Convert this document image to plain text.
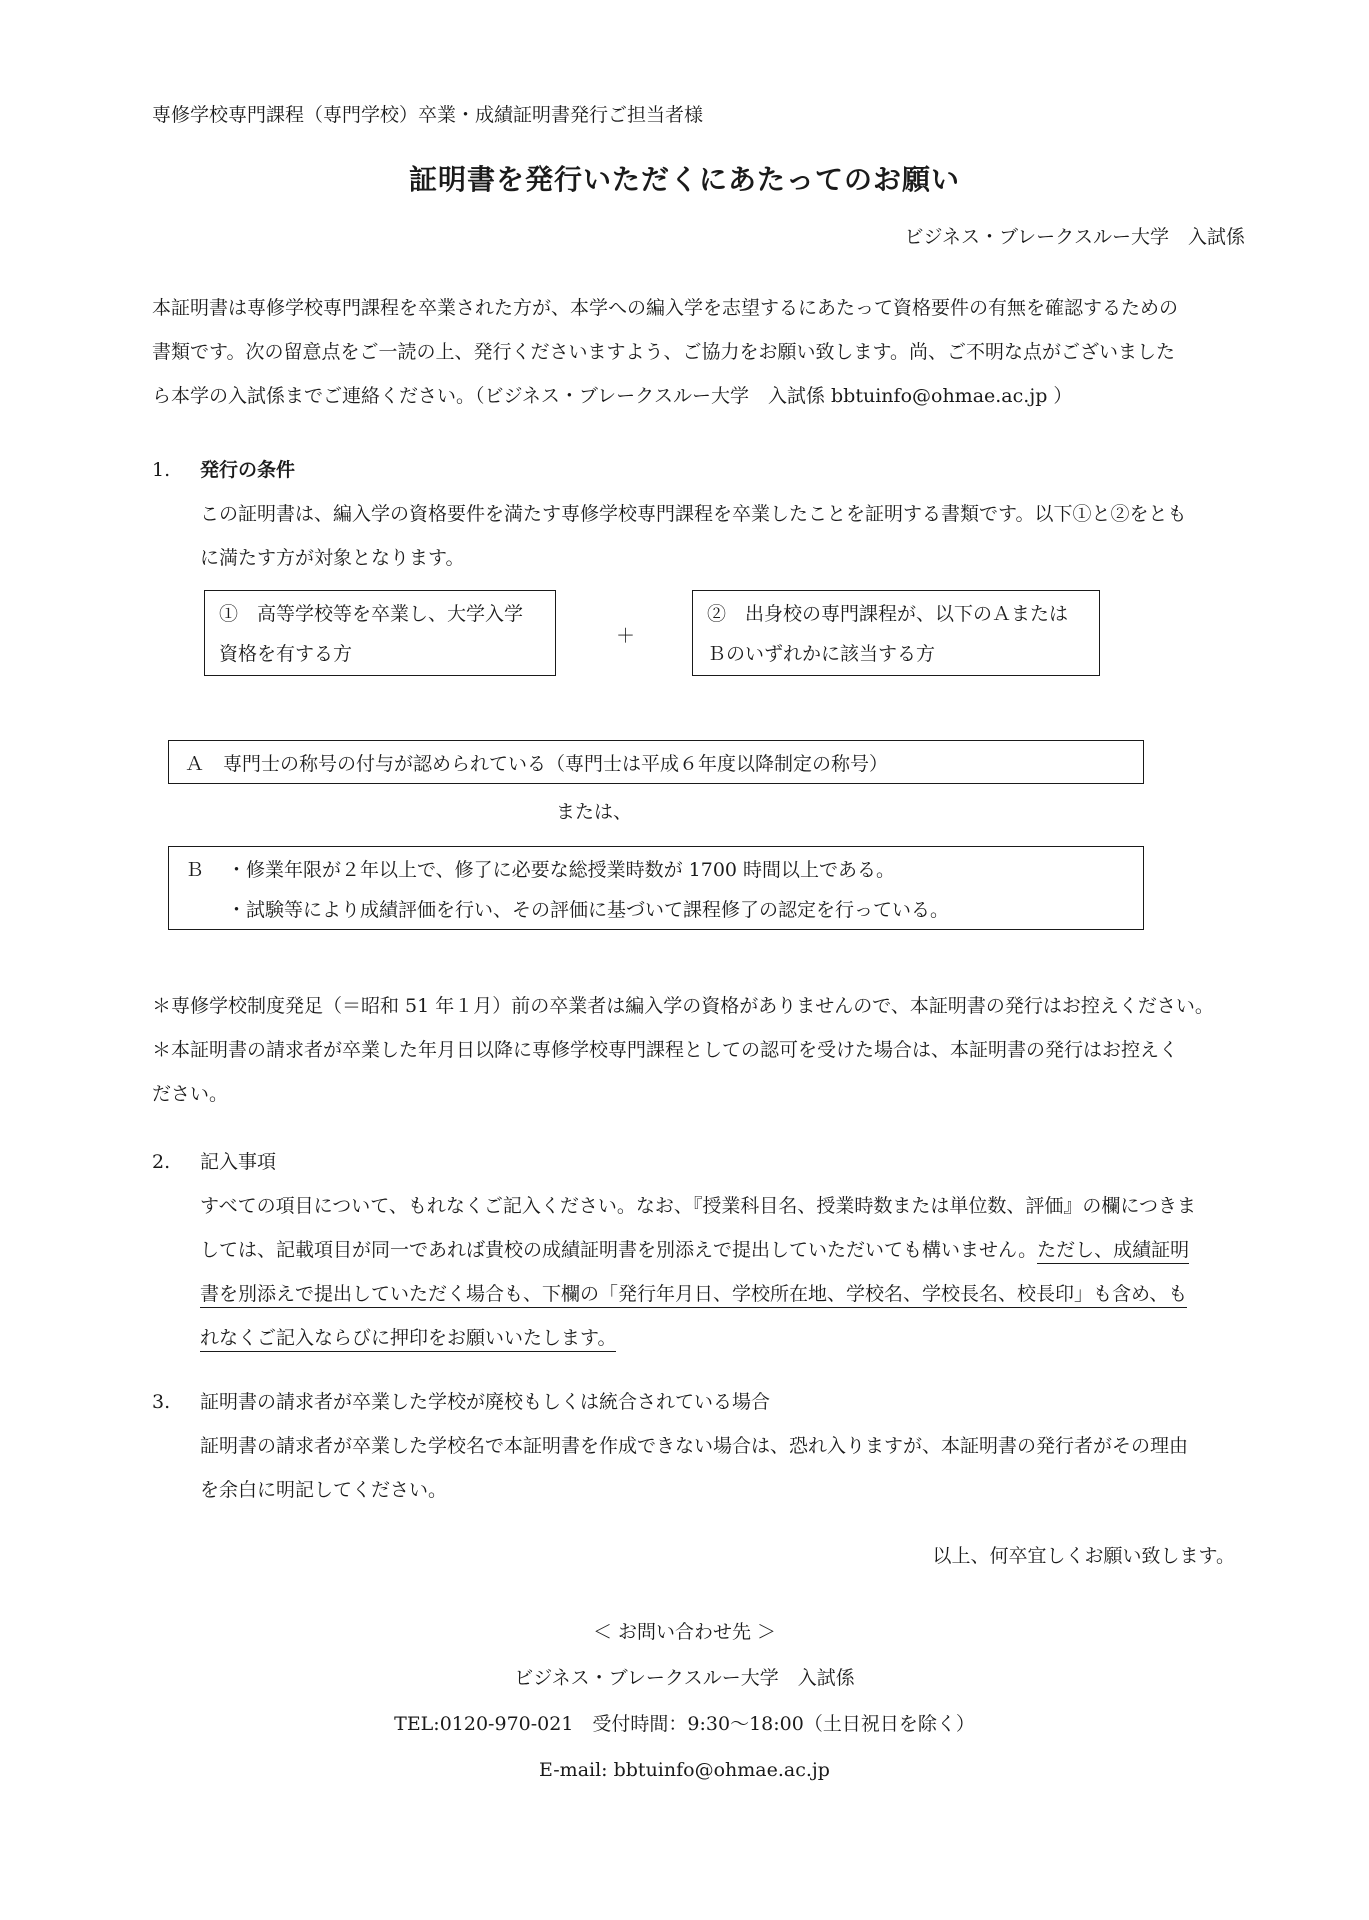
専修学校専門課程（専門学校）卒業・成績証明書発行ご担当者様
証明書を発行いただくにあたってのお願い
ビジネス・ブレークスルー大学　入試係
本証明書は専修学校専門課程を卒業された方が、本学への編入学を志望するにあたって資格要件の有無を確認するための
書類です。次の留意点をご一読の上、発行くださいますよう、ご協力をお願い致します。尚、ご不明な点がございました
ら本学の入試係までご連絡ください。（ビジネス・ブレークスルー大学　入試係 bbtuinfo@ohmae.ac.jp ）
1. 発行の条件
この証明書は、編入学の資格要件を満たす専修学校専門課程を卒業したことを証明する書類です。以下①と②をとも
に満たす方が対象となります。
①　高等学校等を卒業し、大学入学
資格を有する方
＋
②　出身校の専門課程が、以下のＡまたは
Ｂのいずれかに該当する方
Ａ　専門士の称号の付与が認められている（専門士は平成６年度以降制定の称号）
または、
Ｂ ・修業年限が２年以上で、修了に必要な総授業時数が 1700 時間以上である。
・試験等により成績評価を行い、その評価に基づいて課程修了の認定を行っている。
＊専修学校制度発足（＝昭和 51 年１月）前の卒業者は編入学の資格がありませんので、本証明書の発行はお控えください。
＊本証明書の請求者が卒業した年月日以降に専修学校専門課程としての認可を受けた場合は、本証明書の発行はお控えく
ださい。
2. 記入事項
すべての項目について、もれなくご記入ください。なお、『授業科目名、授業時数または単位数、評価』の欄につきま
しては、記載項目が同一であれば貴校の成績証明書を別添えで提出していただいても構いません。ただし、成績証明
書を別添えで提出していただく場合も、下欄の「発行年月日、学校所在地、学校名、学校長名、校長印」も含め、も
れなくご記入ならびに押印をお願いいたします。
3. 証明書の請求者が卒業した学校が廃校もしくは統合されている場合
証明書の請求者が卒業した学校名で本証明書を作成できない場合は、恐れ入りますが、本証明書の発行者がその理由
を余白に明記してください。
以上、何卒宜しくお願い致します。
＜ お問い合わせ先 ＞
ビジネス・ブレークスルー大学　入試係
TEL:0120-970-021　受付時間：9:30〜18:00（土日祝日を除く）
E-mail: bbtuinfo@ohmae.ac.jp
